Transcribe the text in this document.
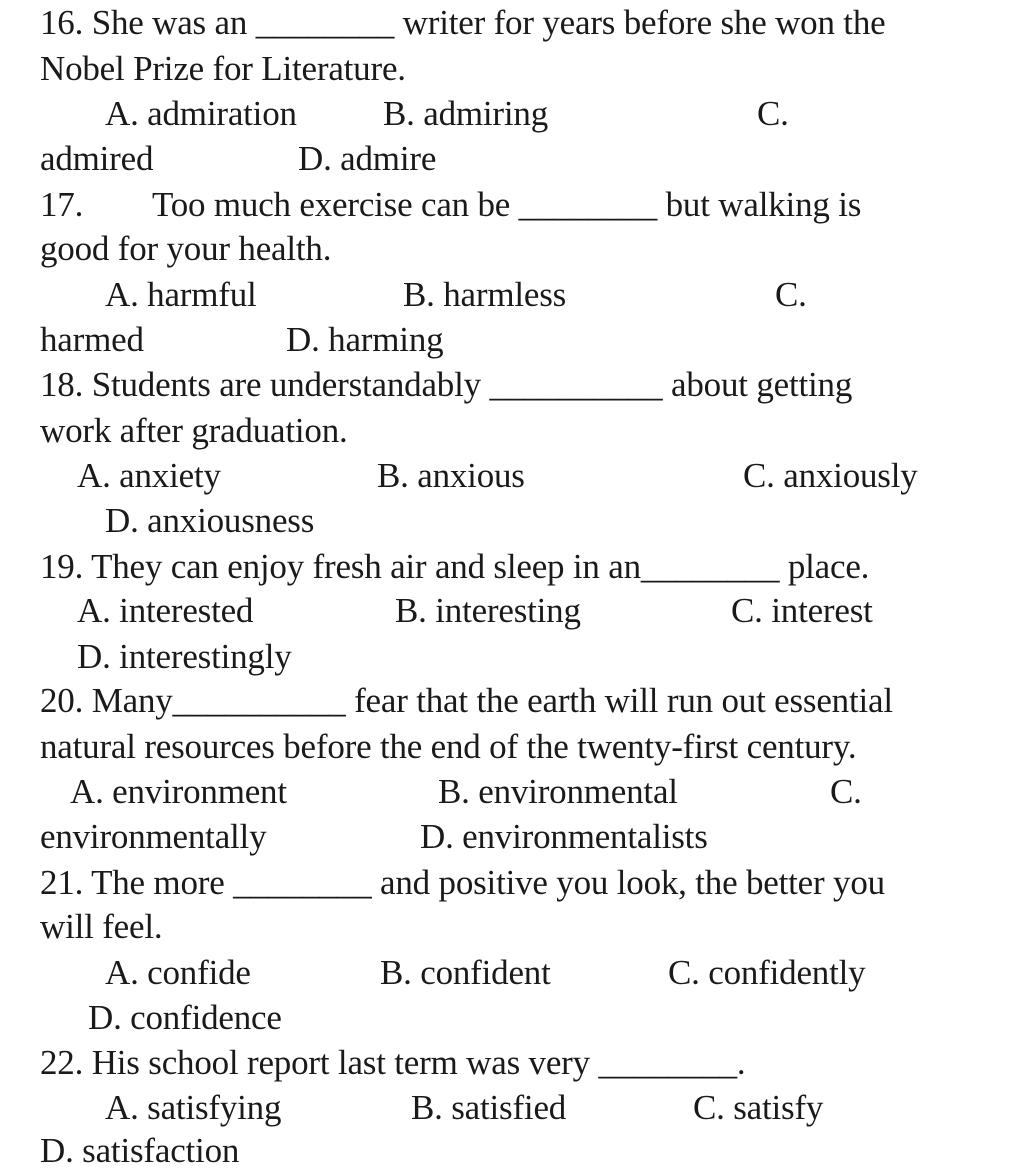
16. She was an ________ writer for years before she won the
Nobel Prize for Literature.
A. admiration B. admiring	C.
admired	D. admire
17. Too much exercise can be ________ but walking is
good for your health.
A. harmful	B. harmless	C.
harmed	D. harming
18. Students are understandably __________ about getting
work after graduation.
A. anxiety	B. anxious	C. anxiously
D. anxiousness
19. They can enjoy fresh air and sleep in an________ place.
A. interested	B. interesting	C. interest
D. interestingly
20. Many__________ fear that the earth will run out essential
natural resources before the end of the twenty-first century.
A. environment	B. environmental	C.
environmentally	D. environmentalists
21. The more ________ and positive you look, the better you
will feel.
A. confide	B. confident	C. confidently
D. confidence
22. His school report last term was very ________.
A. satisfying	B. satisfied	C. satisfy
D. satisfaction
